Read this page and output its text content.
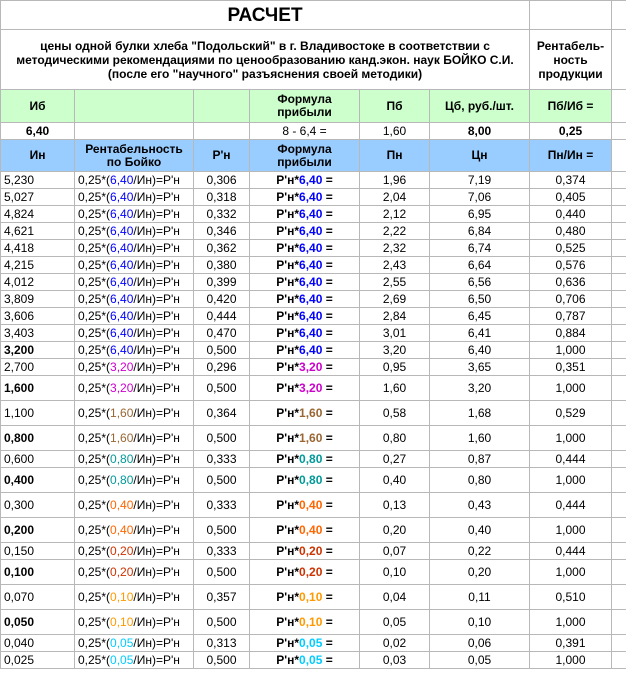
РАСЧЕТ							
цены одной булки хлеба "Подольский" в г. Владивостоке в соответствии с методическими рекомендациями по ценообразованию канд.экон. наук БОЙКО С.И. (после его "научного" разъяснения своей методики)						Рентабель-ность продукции	
Иб			Формула прибыли	Пб	Цб, руб./шт.	Пб/Иб =	
6,40			8 - 6,4 =	1,60	8,00	0,25	
Ин	Рентабельность по Бойко	Р'н	Формула прибыли	Пн	Цн	Пн/Ин =	
5,230	0,25*(6,40/Ин)=Р'н	0,306	Р'н*6,40 =	1,96	7,19	0,374	
5,027	0,25*(6,40/Ин)=Р'н	0,318	Р'н*6,40 =	2,04	7,06	0,405	
4,824	0,25*(6,40/Ин)=Р'н	0,332	Р'н*6,40 =	2,12	6,95	0,440	
4,621	0,25*(6,40/Ин)=Р'н	0,346	Р'н*6,40 =	2,22	6,84	0,480	
4,418	0,25*(6,40/Ин)=Р'н	0,362	Р'н*6,40 =	2,32	6,74	0,525	
4,215	0,25*(6,40/Ин)=Р'н	0,380	Р'н*6,40 =	2,43	6,64	0,576	
4,012	0,25*(6,40/Ин)=Р'н	0,399	Р'н*6,40 =	2,55	6,56	0,636	
3,809	0,25*(6,40/Ин)=Р'н	0,420	Р'н*6,40 =	2,69	6,50	0,706	
3,606	0,25*(6,40/Ин)=Р'н	0,444	Р'н*6,40 =	2,84	6,45	0,787	
3,403	0,25*(6,40/Ин)=Р'н	0,470	Р'н*6,40 =	3,01	6,41	0,884	
3,200	0,25*(6,40/Ин)=Р'н	0,500	Р'н*6,40 =	3,20	6,40	1,000	
2,700	0,25*(3,20/Ин)=Р'н	0,296	Р'н*3,20 =	0,95	3,65	0,351	
1,600	0,25*(3,20/Ин)=Р'н	0,500	Р'н*3,20 =	1,60	3,20	1,000	
1,100	0,25*(1,60/Ин)=Р'н	0,364	Р'н*1,60 =	0,58	1,68	0,529	
0,800	0,25*(1,60/Ин)=Р'н	0,500	Р'н*1,60 =	0,80	1,60	1,000	
0,600	0,25*(0,80/Ин)=Р'н	0,333	Р'н*0,80 =	0,27	0,87	0,444	
0,400	0,25*(0,80/Ин)=Р'н	0,500	Р'н*0,80 =	0,40	0,80	1,000	
0,300	0,25*(0,40/Ин)=Р'н	0,333	Р'н*0,40 =	0,13	0,43	0,444	
0,200	0,25*(0,40/Ин)=Р'н	0,500	Р'н*0,40 =	0,20	0,40	1,000	
0,150	0,25*(0,20/Ин)=Р'н	0,333	Р'н*0,20 =	0,07	0,22	0,444	
0,100	0,25*(0,20/Ин)=Р'н	0,500	Р'н*0,20 =	0,10	0,20	1,000	
0,070	0,25*(0,10/Ин)=Р'н	0,357	Р'н*0,10 =	0,04	0,11	0,510	
0,050	0,25*(0,10/Ин)=Р'н	0,500	Р'н*0,10 =	0,05	0,10	1,000	
0,040	0,25*(0,05/Ин)=Р'н	0,313	Р'н*0,05 =	0,02	0,06	0,391	
0,025	0,25*(0,05/Ин)=Р'н	0,500	Р'н*0,05 =	0,03	0,05	1,000	
